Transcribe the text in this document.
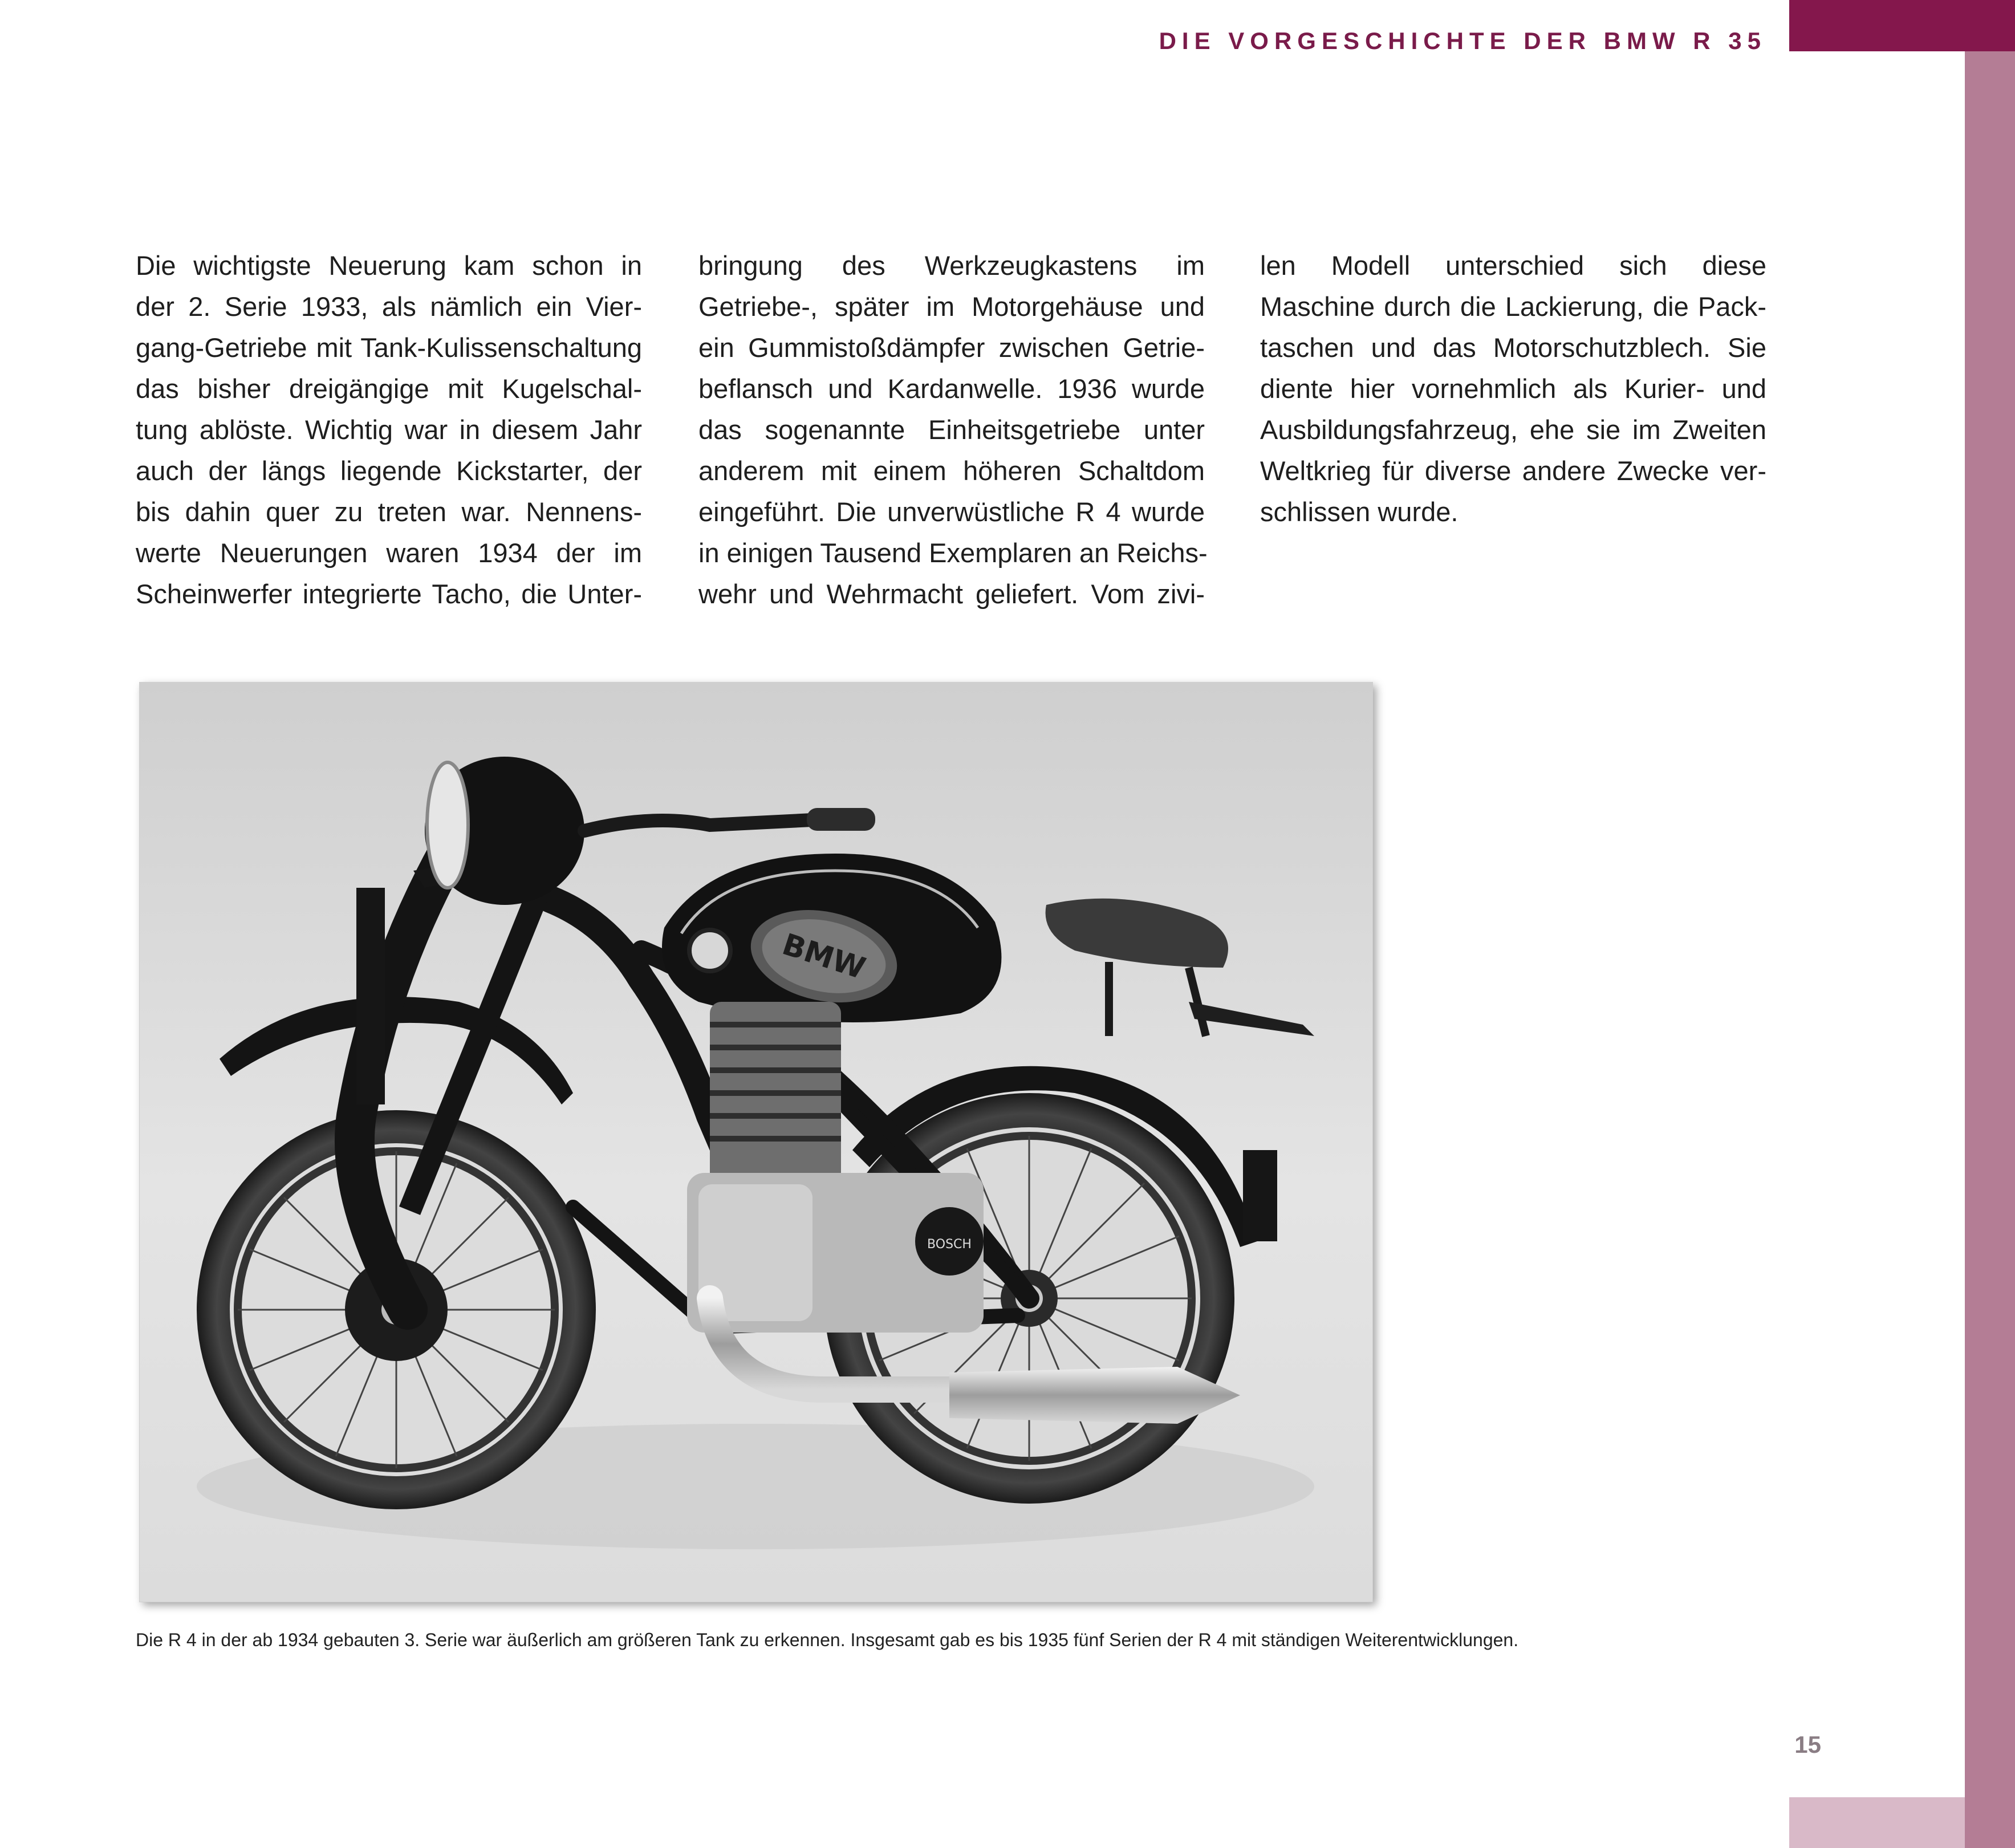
DIE VORGESCHICHTE DER BMW R 35
Die wichtigste Neuerung kam schon in
der 2. Serie 1933, als nämlich ein Vier-
gang-Getriebe mit Tank-Kulissenschaltung
das bisher dreigängige mit Kugelschal-
tung ablöste. Wichtig war in diesem Jahr
auch der längs liegende Kickstarter, der
bis dahin quer zu treten war. Nennens-
werte Neuerungen waren 1934 der im
Scheinwerfer integrierte Tacho, die Unter-
bringung des Werkzeugkastens im
Getriebe-, später im Motorgehäuse und
ein Gummistoßdämpfer zwischen Getrie-
beflansch und Kardanwelle. 1936 wurde
das sogenannte Einheitsgetriebe unter
anderem mit einem höheren Schaltdom
eingeführt. Die unverwüstliche R 4 wurde
in einigen Tausend Exemplaren an Reichs-
wehr und Wehrmacht geliefert. Vom zivi-
len Modell unterschied sich diese
Maschine durch die Lackierung, die Pack-
taschen und das Motorschutzblech. Sie
diente hier vornehmlich als Kurier- und
Ausbildungsfahrzeug, ehe sie im Zweiten
Weltkrieg für diverse andere Zwecke ver-
schlissen wurde.
BMW
BOSCH
Die R 4 in der ab 1934 gebauten 3. Serie war äußerlich am größeren Tank zu erkennen. Insgesamt gab es bis 1935 fünf Serien der R 4 mit ständigen Weiterentwicklungen.
15
